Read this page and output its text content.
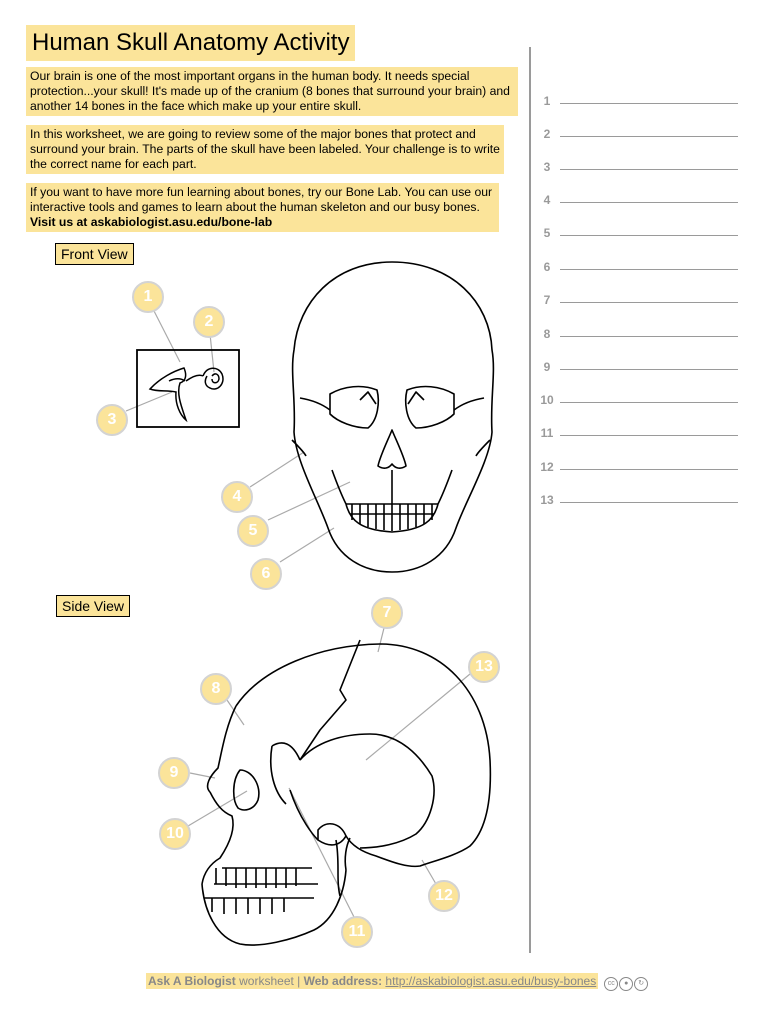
Human Skull Anatomy Activity
Our brain is one of the most important organs in the human body. It needs special protection...your skull! It's made up of the cranium (8 bones that surround your brain) and another 14 bones in the face which make up your entire skull.
In this worksheet, we are going to review some of the major bones that protect and surround your brain. The parts of the skull have been labeled. Your challenge is to write the correct name for each part.
If you want to have more fun learning about bones, try our Bone Lab. You can use our interactive tools and games to learn about the human skeleton and our busy bones. Visit us at askabiologist.asu.edu/bone-lab
Front View
Side View
1
2
3
4
5
6
7
8
9
10
11
12
13
1
2
3
4
5
6
7
8
9
10
11
12
13
Ask A Biologist worksheet | Web address: http://askabiologist.asu.edu/busy-bones cc ● ↻
